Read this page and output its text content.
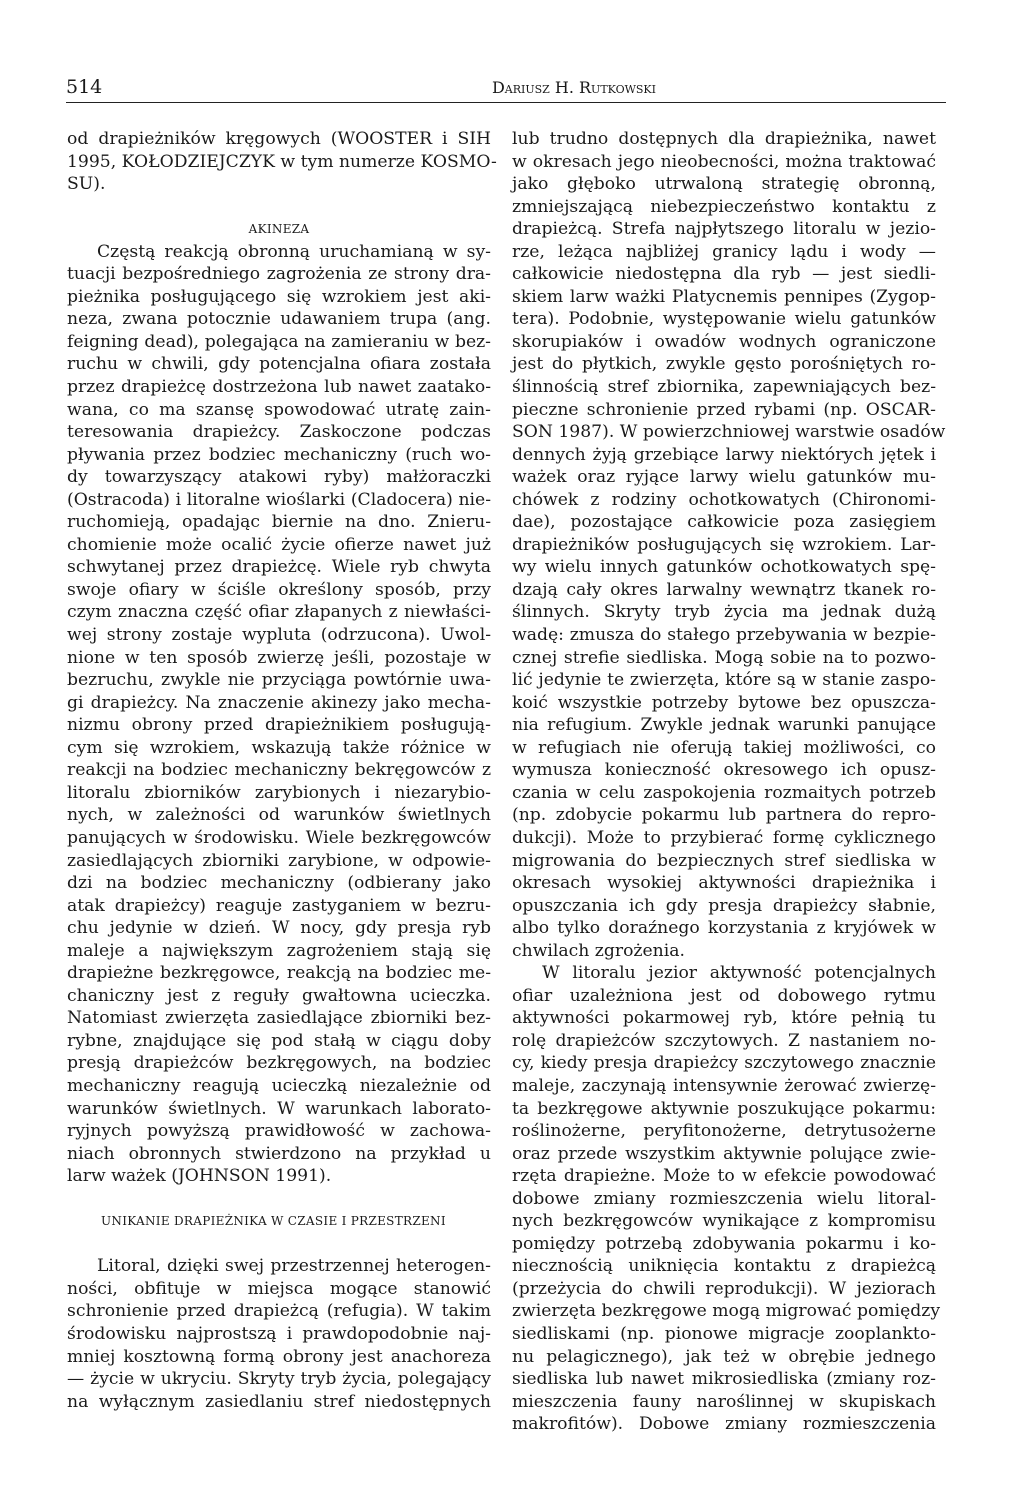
514	Dariusz H. Rutkowski
od drapieżników kręgowych (WOOSTER i SIH
1995, KOŁODZIEJCZYK w tym numerze KOSMO-
SU).
AKINEZA
Częstą reakcją obronną uruchamianą w sy-
tuacji bezpośredniego zagrożenia ze strony dra-
pieżnika posługującego się wzrokiem jest aki-
neza, zwana potocznie udawaniem trupa (ang.
feigning dead), polegająca na zamieraniu w bez-
ruchu w chwili, gdy potencjalna ofiara została
przez drapieżcę dostrzeżona lub nawet zaatako-
wana, co ma szansę spowodować utratę zain-
teresowania drapieżcy. Zaskoczone podczas
pływania przez bodziec mechaniczny (ruch wo-
dy towarzyszący atakowi ryby) małżoraczki
(Ostracoda) i litoralne wioślarki (Cladocera) nie-
ruchomieją, opadając biernie na dno. Znieru-
chomienie może ocalić życie ofierze nawet już
schwytanej przez drapieżcę. Wiele ryb chwyta
swoje ofiary w ściśle określony sposób, przy
czym znaczna część ofiar złapanych z niewłaści-
wej strony zostaje wypluta (odrzucona). Uwol-
nione w ten sposób zwierzę jeśli, pozostaje w
bezruchu, zwykle nie przyciąga powtórnie uwa-
gi drapieżcy. Na znaczenie akinezy jako mecha-
nizmu obrony przed drapieżnikiem posługują-
cym się wzrokiem, wskazują także różnice w
reakcji na bodziec mechaniczny bekręgowców z
litoralu zbiorników zarybionych i niezarybio-
nych, w zależności od warunków świetlnych
panujących w środowisku. Wiele bezkręgowców
zasiedlających zbiorniki zarybione, w odpowie-
dzi na bodziec mechaniczny (odbierany jako
atak drapieżcy) reaguje zastyganiem w bezru-
chu jedynie w dzień. W nocy, gdy presja ryb
maleje a największym zagrożeniem stają się
drapieżne bezkręgowce, reakcją na bodziec me-
chaniczny jest z reguły gwałtowna ucieczka.
Natomiast zwierzęta zasiedlające zbiorniki bez-
rybne, znajdujące się pod stałą w ciągu doby
presją drapieżców bezkręgowych, na bodziec
mechaniczny reagują ucieczką niezależnie od
warunków świetlnych. W warunkach laborato-
ryjnych powyższą prawidłowość w zachowa-
niach obronnych stwierdzono na przykład u
larw ważek (JOHNSON 1991).
UNIKANIE DRAPIEŻNIKA W CZASIE I PRZESTRZENI
Litoral, dzięki swej przestrzennej heterogen-
ności, obfituje w miejsca mogące stanowić
schronienie przed drapieżcą (refugia). W takim
środowisku najprostszą i prawdopodobnie naj-
mniej kosztowną formą obrony jest anachoreza
— życie w ukryciu. Skryty tryb życia, polegający
na wyłącznym zasiedlaniu stref niedostępnych
lub trudno dostępnych dla drapieżnika, nawet
w okresach jego nieobecności, można traktować
jako głęboko utrwaloną strategię obronną,
zmniejszającą niebezpieczeństwo kontaktu z
drapieżcą. Strefa najpłytszego litoralu w jezio-
rze, leżąca najbliżej granicy lądu i wody —
całkowicie niedostępna dla ryb — jest siedli-
skiem larw ważki Platycnemis pennipes (Zygop-
tera). Podobnie, występowanie wielu gatunków
skorupiaków i owadów wodnych ograniczone
jest do płytkich, zwykle gęsto porośniętych ro-
ślinnością stref zbiornika, zapewniających bez-
pieczne schronienie przed rybami (np. OSCAR-
SON 1987). W powierzchniowej warstwie osadów
dennych żyją grzebiące larwy niektórych jętek i
ważek oraz ryjące larwy wielu gatunków mu-
chówek z rodziny ochotkowatych (Chironomi-
dae), pozostające całkowicie poza zasięgiem
drapieżników posługujących się wzrokiem. Lar-
wy wielu innych gatunków ochotkowatych spę-
dzają cały okres larwalny wewnątrz tkanek ro-
ślinnych. Skryty tryb życia ma jednak dużą
wadę: zmusza do stałego przebywania w bezpie-
cznej strefie siedliska. Mogą sobie na to pozwo-
lić jedynie te zwierzęta, które są w stanie zaspo-
koić wszystkie potrzeby bytowe bez opuszcza-
nia refugium. Zwykle jednak warunki panujące
w refugiach nie oferują takiej możliwości, co
wymusza konieczność okresowego ich opusz-
czania w celu zaspokojenia rozmaitych potrzeb
(np. zdobycie pokarmu lub partnera do repro-
dukcji). Może to przybierać formę cyklicznego
migrowania do bezpiecznych stref siedliska w
okresach wysokiej aktywności drapieżnika i
opuszczania ich gdy presja drapieżcy słabnie,
albo tylko doraźnego korzystania z kryjówek w
chwilach zgrożenia.
W litoralu jezior aktywność potencjalnych
ofiar uzależniona jest od dobowego rytmu
aktywności pokarmowej ryb, które pełnią tu
rolę drapieżców szczytowych. Z nastaniem no-
cy, kiedy presja drapieżcy szczytowego znacznie
maleje, zaczynają intensywnie żerować zwierzę-
ta bezkręgowe aktywnie poszukujące pokarmu:
roślinożerne, peryfitonożerne, detrytusożerne
oraz przede wszystkim aktywnie polujące zwie-
rzęta drapieżne. Może to w efekcie powodować
dobowe zmiany rozmieszczenia wielu litoral-
nych bezkręgowców wynikające z kompromisu
pomiędzy potrzebą zdobywania pokarmu i ko-
niecznością uniknięcia kontaktu z drapieżcą
(przeżycia do chwili reprodukcji). W jeziorach
zwierzęta bezkręgowe mogą migrować pomiędzy
siedliskami (np. pionowe migracje zooplankto-
nu pelagicznego), jak też w obrębie jednego
siedliska lub nawet mikrosiedliska (zmiany roz-
mieszczenia fauny naroślinnej w skupiskach
makrofitów). Dobowe zmiany rozmieszczenia
